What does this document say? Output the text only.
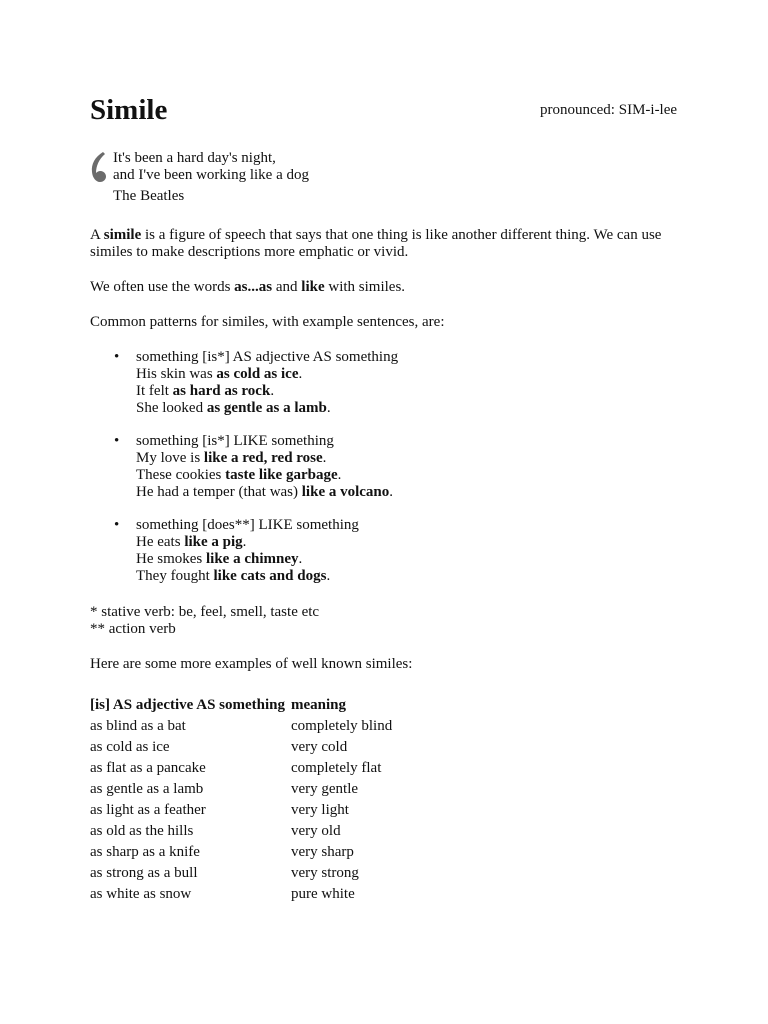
Simile	pronounced: SIM-i-lee
It's been a hard day's night,
and I've been working like a dog
The Beatles

A simile is a figure of speech that says that one thing is like another different thing. We can use similes to make descriptions more emphatic or vivid.

We often use the words as...as and like with similes.

Common patterns for similes, with example sentences, are:

• something [is*] AS adjective AS something
His skin was as cold as ice.
It felt as hard as rock.
She looked as gentle as a lamb.
• something [is*] LIKE something
My love is like a red, red rose.
These cookies taste like garbage.
He had a temper (that was) like a volcano.
• something [does**] LIKE something
He eats like a pig.
He smokes like a chimney.
They fought like cats and dogs.
* stative verb: be, feel, smell, taste etc
** action verb

Here are some more examples of well known similes:

[is] AS adjective AS something	meaning
as blind as a bat	completely blind
as cold as ice	very cold
as flat as a pancake	completely flat
as gentle as a lamb	very gentle
as light as a feather	very light
as old as the hills	very old
as sharp as a knife	very sharp
as strong as a bull	very strong
as white as snow	pure white
